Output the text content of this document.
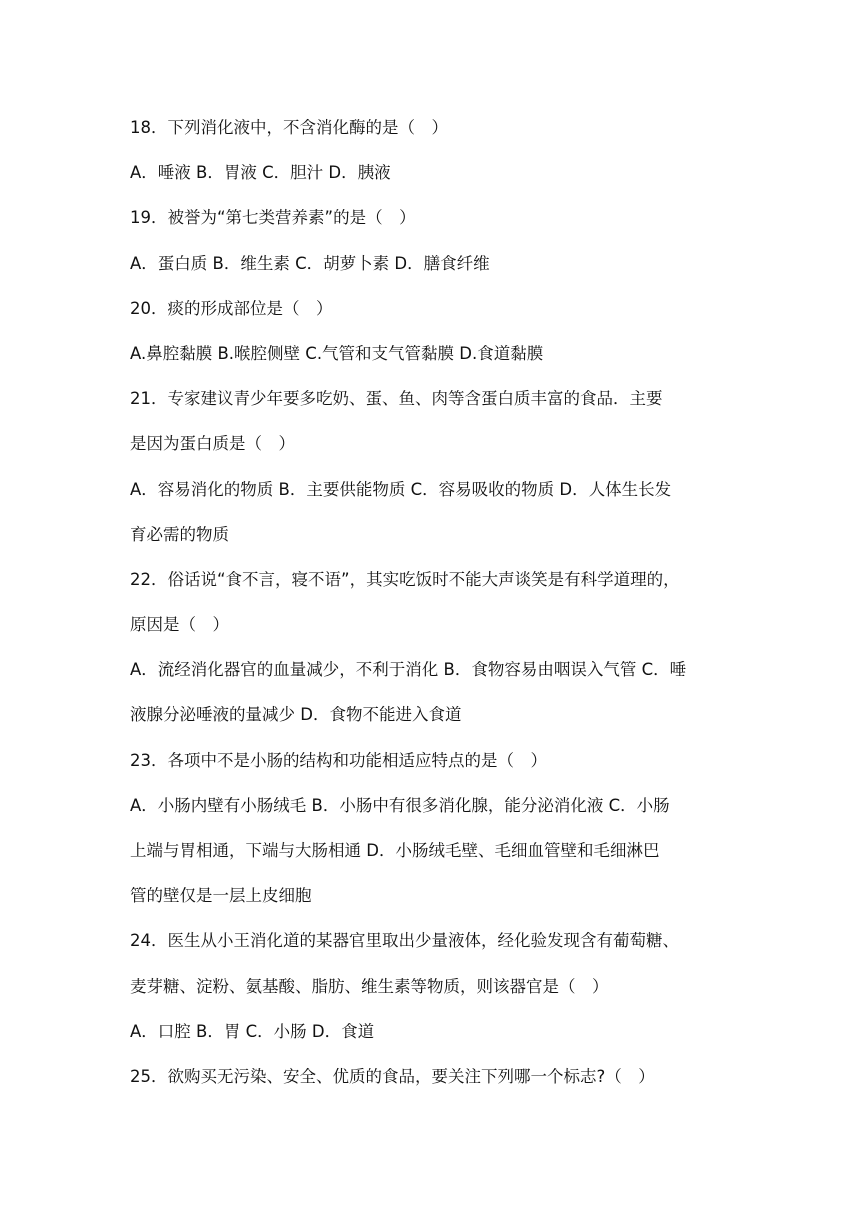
18．下列消化液中，不含消化酶的是（　）
A．唾液 B．胃液 C．胆汁 D．胰液
19．被誉为“第七类营养素”的是（　）
A．蛋白质 B．维生素 C．胡萝卜素 D．膳食纤维
20．痰的形成部位是（　）
A.鼻腔黏膜 B.喉腔侧壁 C.气管和支气管黏膜 D.食道黏膜
21．专家建议青少年要多吃奶、蛋、鱼、肉等含蛋白质丰富的食品．主要
是因为蛋白质是（　）
A．容易消化的物质 B．主要供能物质 C．容易吸收的物质 D．人体生长发
育必需的物质
22．俗话说“食不言，寝不语”，其实吃饭时不能大声谈笑是有科学道理的，
原因是（　）
A．流经消化器官的血量减少，不利于消化 B．食物容易由咽误入气管 C．唾
液腺分泌唾液的量减少 D．食物不能进入食道
23．各项中不是小肠的结构和功能相适应特点的是（　）
A．小肠内壁有小肠绒毛 B．小肠中有很多消化腺，能分泌消化液 C．小肠
上端与胃相通，下端与大肠相通 D．小肠绒毛壁、毛细血管壁和毛细淋巴
管的壁仅是一层上皮细胞
24．医生从小王消化道的某器官里取出少量液体，经化验发现含有葡萄糖、
麦芽糖、淀粉、氨基酸、脂肪、维生素等物质，则该器官是（　）
A．口腔 B．胃 C．小肠 D．食道
25．欲购买无污染、安全、优质的食品，要关注下列哪一个标志?（　）
